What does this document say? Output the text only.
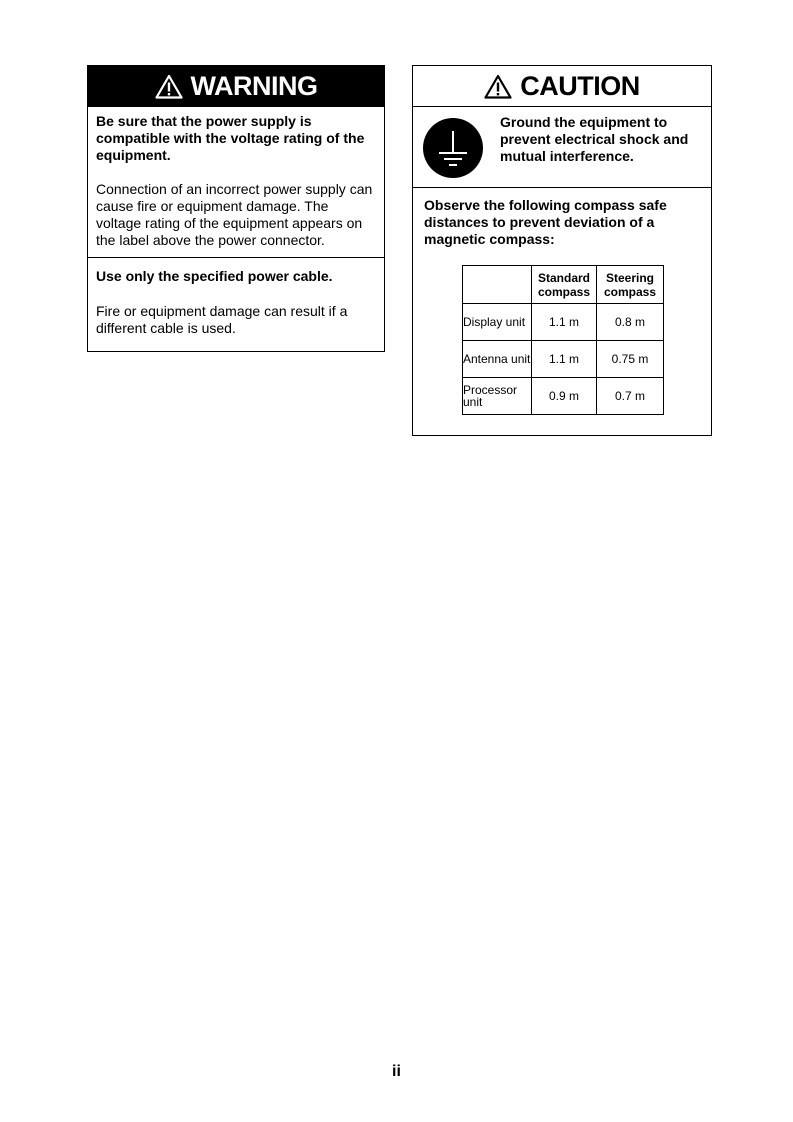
WARNING
Be sure that the power supply is compatible with the voltage rating of the equipment.
Connection of an incorrect power supply can cause fire or equipment damage. The voltage rating of the equipment appears on the label above the power connector.
Use only the specified power cable.
Fire or equipment damage can result if a different cable is used.
CAUTION
Ground the equipment to prevent electrical shock and mutual interference.
Observe the following compass safe distances to prevent deviation of a magnetic compass:
	Standard compass	Steering compass
Display unit	1.1 m	0.8 m
Antenna unit	1.1 m	0.75 m
Processor unit	0.9 m	0.7 m
ii
